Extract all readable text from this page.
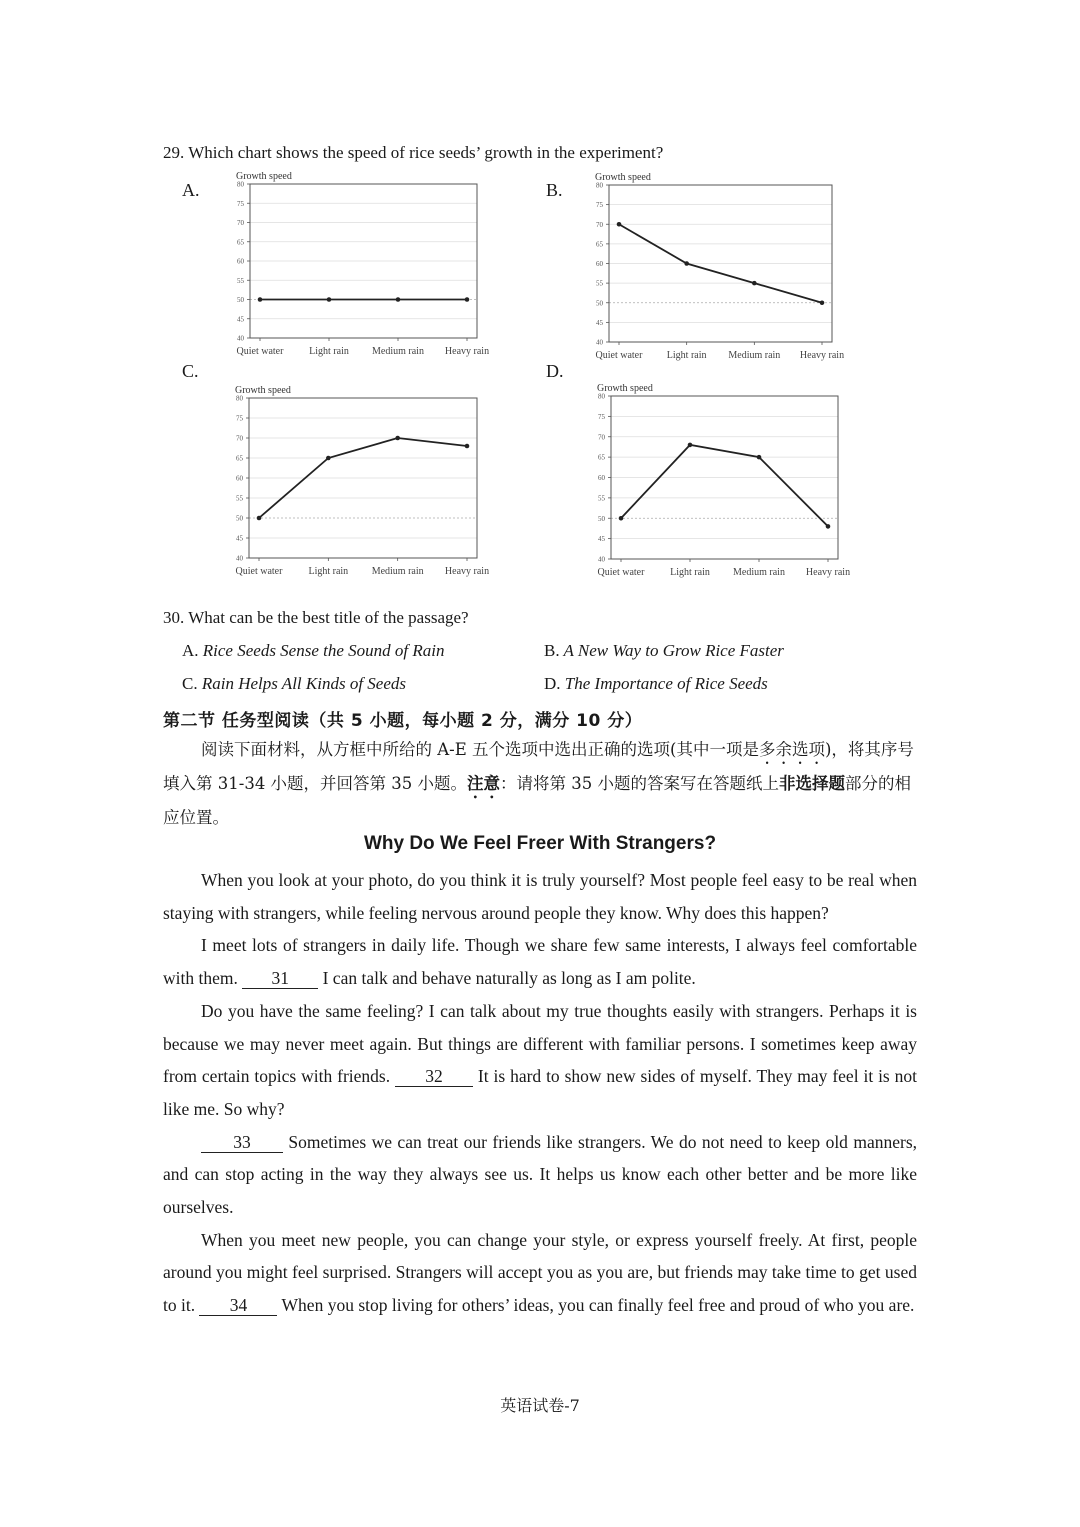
29. Which chart shows the speed of rice seeds’ growth in the experiment?
A.	B.
C.	D.
40
45
50
55
60
65
70
75
80
Growth speed
Quiet water	Light rain Medium rain Heavy rain
40
45
50
55
60
65
70
75
80
Growth speed
Quiet water Light rain Medium rain Heavy rain
40
45
50
55
60
65
70
75
80
Growth speed
Quiet water	Light rain Medium rain Heavy rain
40
45
50
55
60
65
70
75
80
Growth speed
Quiet water	Light rain Medium rain Heavy rain
30. What can be the best title of the passage?
A. Rice Seeds Sense the Sound of Rain	B. A New Way to Grow Rice Faster
C. Rain Helps All Kinds of Seeds	D. The Importance of Rice Seeds
第二节 任务型阅读（共 5 小题，每小题 2 分，满分 10 分）
阅读下面材料，从方框中所给的 A-E 五个选项中选出正确的选项(其中一项是多余选项)，将其序号填入第 31-34 小题，并回答第 35 小题。注意：请将第 35 小题的答案写在答题纸上非选择题部分的相应位置。
Why Do We Feel Freer With Strangers?

When you look at your photo, do you think it is truly yourself? Most people feel easy to be real when staying with strangers, while feeling nervous around people they know. Why does this happen?

I meet lots of strangers in daily life. Though we share few same interests, I always feel comfortable with them. 31 I can talk and behave naturally as long as I am polite.

Do you have the same feeling? I can talk about my true thoughts easily with strangers. Perhaps it is because we may never meet again. But things are different with familiar persons. I sometimes keep away from certain topics with friends. 32 It is hard to show new sides of myself. They may feel it is not like me. So why?

33 Sometimes we can treat our friends like strangers. We do not need to keep old manners, and can stop acting in the way they always see us. It helps us know each other better and be more like ourselves.

When you meet new people, you can change your style, or express yourself freely. At first, people around you might feel surprised. Strangers will accept you as you are, but friends may take time to get used to it. 34 When you stop living for others’ ideas, you can finally feel free and proud of who you are.

英语试卷-7
